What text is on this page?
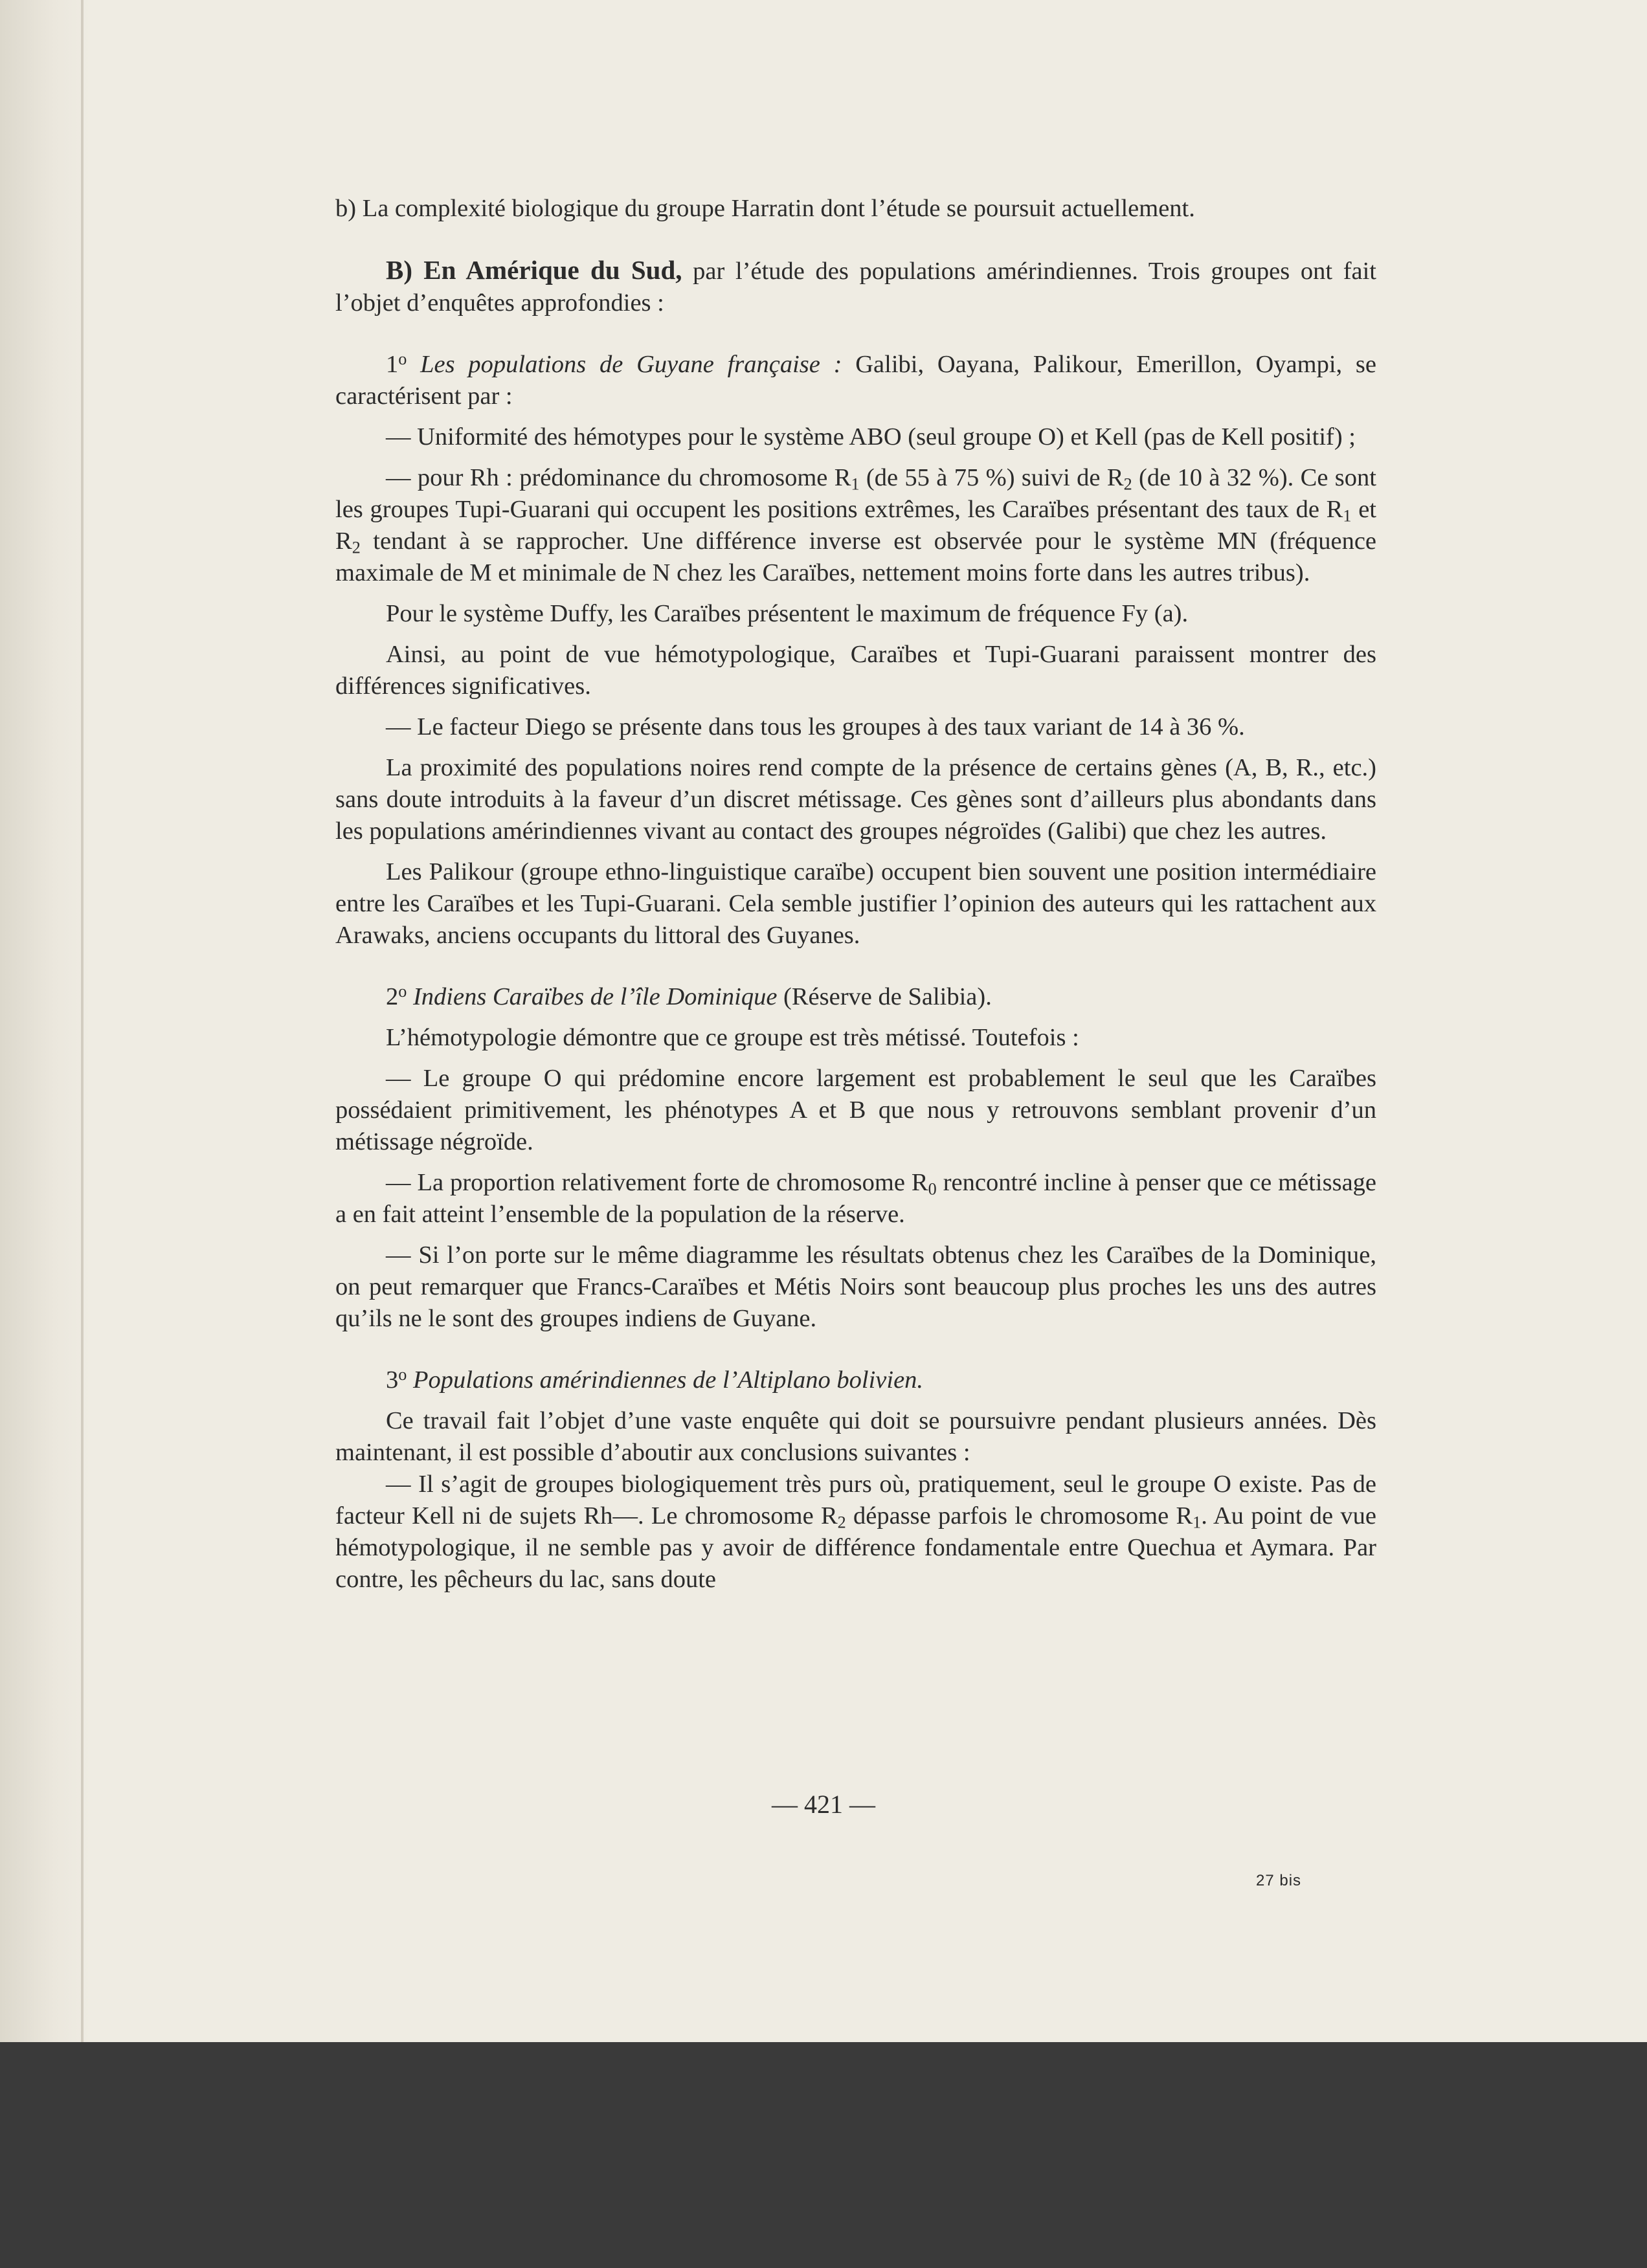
b) La complexité biologique du groupe Harratin dont l’étude se poursuit actuellement.

B) En Amérique du Sud, par l’étude des populations amérindiennes. Trois groupes ont fait l’objet d’enquêtes approfondies :

1$^o$ Les populations de Guyane française : Galibi, Oayana, Palikour, Emerillon, Oyampi, se caractérisent par :

— Uniformité des hémotypes pour le système ABO (seul groupe O) et Kell (pas de Kell positif) ;

— pour Rh : prédominance du chromosome $R_1$ (de 55 à 75 %) suivi de $R_2$ (de 10 à 32 %). Ce sont les groupes Tupi-Guarani qui occupent les positions extrêmes, les Caraïbes présentant des taux de $R_1$ et $R_2$ tendant à se rapprocher. Une différence inverse est observée pour le système MN (fréquence maximale de M et minimale de N chez les Caraïbes, nettement moins forte dans les autres tribus).

Pour le système Duffy, les Caraïbes présentent le maximum de fréquence Fy (a).

Ainsi, au point de vue hémotypologique, Caraïbes et Tupi-Guarani paraissent montrer des différences significatives.

— Le facteur Diego se présente dans tous les groupes à des taux variant de 14 à 36 %.

La proximité des populations noires rend compte de la présence de certains gènes (A, B, R., etc.) sans doute introduits à la faveur d’un discret métissage. Ces gènes sont d’ailleurs plus abondants dans les populations amérindiennes vivant au contact des groupes négroïdes (Galibi) que chez les autres.

Les Palikour (groupe ethno-linguistique caraïbe) occupent bien souvent une position intermédiaire entre les Caraïbes et les Tupi-Guarani. Cela semble justifier l’opinion des auteurs qui les rattachent aux Arawaks, anciens occupants du littoral des Guyanes.

2$^o$ Indiens Caraïbes de l’île Dominique (Réserve de Salibia).

L’hémotypologie démontre que ce groupe est très métissé. Toutefois :

— Le groupe O qui prédomine encore largement est probablement le seul que les Caraïbes possédaient primitivement, les phénotypes A et B que nous y retrouvons semblant provenir d’un métissage négroïde.

— La proportion relativement forte de chromosome $R_0$ rencontré incline à penser que ce métissage a en fait atteint l’ensemble de la population de la réserve.

— Si l’on porte sur le même diagramme les résultats obtenus chez les Caraïbes de la Dominique, on peut remarquer que Francs-Caraïbes et Métis Noirs sont beaucoup plus proches les uns des autres qu’ils ne le sont des groupes indiens de Guyane.

3$^o$ Populations amérindiennes de l’Altiplano bolivien.

Ce travail fait l’objet d’une vaste enquête qui doit se poursuivre pendant plusieurs années. Dès maintenant, il est possible d’aboutir aux conclusions suivantes :

— Il s’agit de groupes biologiquement très purs où, pratiquement, seul le groupe O existe. Pas de facteur Kell ni de sujets Rh—. Le chromosome $R_2$ dépasse parfois le chromosome $R_1$. Au point de vue hémotypologique, il ne semble pas y avoir de différence fondamentale entre Quechua et Aymara. Par contre, les pêcheurs du lac, sans doute

— 421 —
27 bis
